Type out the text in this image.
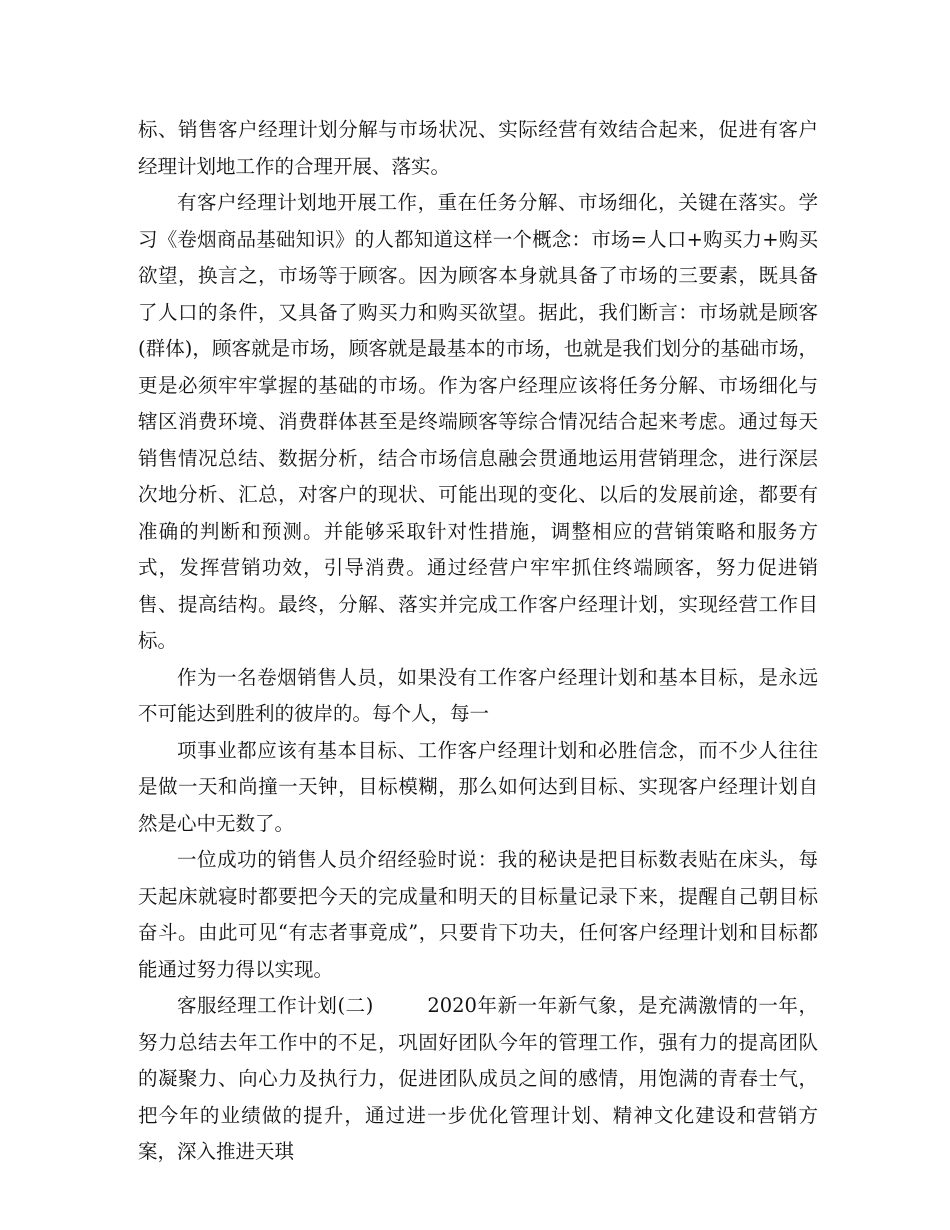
标、销售客户经理计划分解与市场状况、实际经营有效结合起来，促进有客户经理计划地工作的合理开展、落实。

有客户经理计划地开展工作，重在任务分解、市场细化，关键在落实。学习《卷烟商品基础知识》的人都知道这样一个概念：市场=人口+购买力+购买欲望，换言之，市场等于顾客。因为顾客本身就具备了市场的三要素，既具备了人口的条件，又具备了购买力和购买欲望。据此，我们断言：市场就是顾客(群体)，顾客就是市场，顾客就是最基本的市场，也就是我们划分的基础市场，更是必须牢牢掌握的基础的市场。作为客户经理应该将任务分解、市场细化与辖区消费环境、消费群体甚至是终端顾客等综合情况结合起来考虑。通过每天销售情况总结、数据分析，结合市场信息融会贯通地运用营销理念，进行深层次地分析、汇总，对客户的现状、可能出现的变化、以后的发展前途，都要有准确的判断和预测。并能够采取针对性措施，调整相应的营销策略和服务方式，发挥营销功效，引导消费。通过经营户牢牢抓住终端顾客，努力促进销售、提高结构。最终，分解、落实并完成工作客户经理计划，实现经营工作目标。

作为一名卷烟销售人员，如果没有工作客户经理计划和基本目标，是永远不可能达到胜利的彼岸的。每个人，每一

项事业都应该有基本目标、工作客户经理计划和必胜信念，而不少人往往是做一天和尚撞一天钟，目标模糊，那么如何达到目标、实现客户经理计划自然是心中无数了。

一位成功的销售人员介绍经验时说：我的秘诀是把目标数表贴在床头，每天起床就寝时都要把今天的完成量和明天的目标量记录下来，提醒自己朝目标奋斗。由此可见“有志者事竟成”，只要肯下功夫，任何客户经理计划和目标都能通过努力得以实现。

客服经理工作计划(二)	2020年新一年新气象，是充满激情的一年，努力总结去年工作中的不足，巩固好团队今年的管理工作，强有力的提高团队的凝聚力、向心力及执行力，促进团队成员之间的感情，用饱满的青春士气，把今年的业绩做的提升，通过进一步优化管理计划、精神文化建设和营销方案，深入推进天琪
